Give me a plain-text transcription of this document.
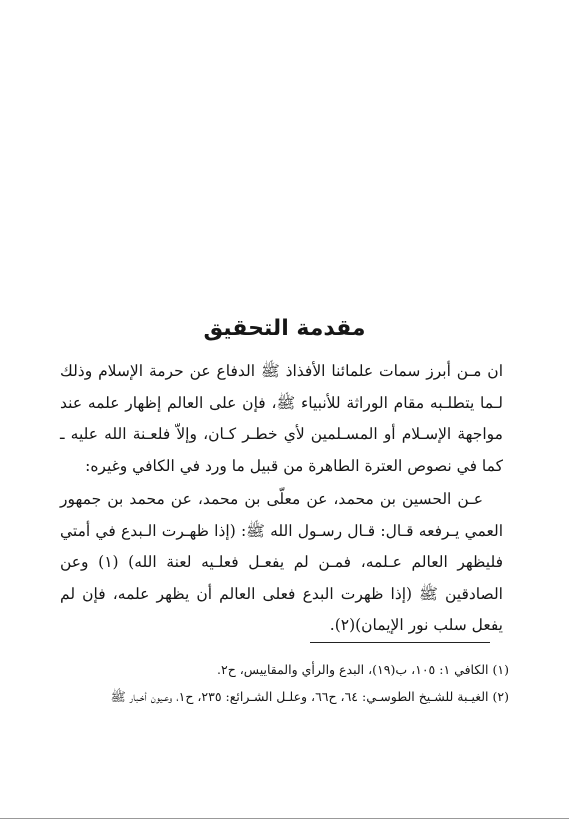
مقدمة التحقيق

ان مـن أبرز سمات علمائنا الأفذاذ ﷺ الدفاع عن حرمة الإسلام وذلك لـما يتطلـبه مقام الوراثة للأنبياء ﷺ، فإن على العالم إظهار علمه عند مواجهة الإسـلام أو المسـلمين لأي خطـر كـان، وإلاّ فلعـنة الله عليه ـ كما في نصوص العترة الطاهرة من قبيل ما ورد في الكافي وغيره:

عـن الحسين بن محمد، عن معلّى بن محمد، عن محمد بن جمهور العمي يـرفعه قـال: قـال رسـول الله ﷺ: (إذا ظهـرت الـبدع في أمتي فليظهر العالم عـلمه، فمـن لم يفعـل فعلـيه لعنة الله) (١) وعن الصادقين ﷺ (إذا ظهرت البدع فعلى العالم أن يظهر علمه، فإن لم يفعل سلب نور الإيمان)(٢).

(١) الكافي ١: ١٠٥، ب(١٩)، البدع والرأي والمقاييس، ح٢.
(٢) الغيـبة للشـيخ الطوسـي: ٦٤، ح٦٦، وعلـل الشـرائع: ٢٣٥، ح١، وعـيون أخـبار ﷺ
